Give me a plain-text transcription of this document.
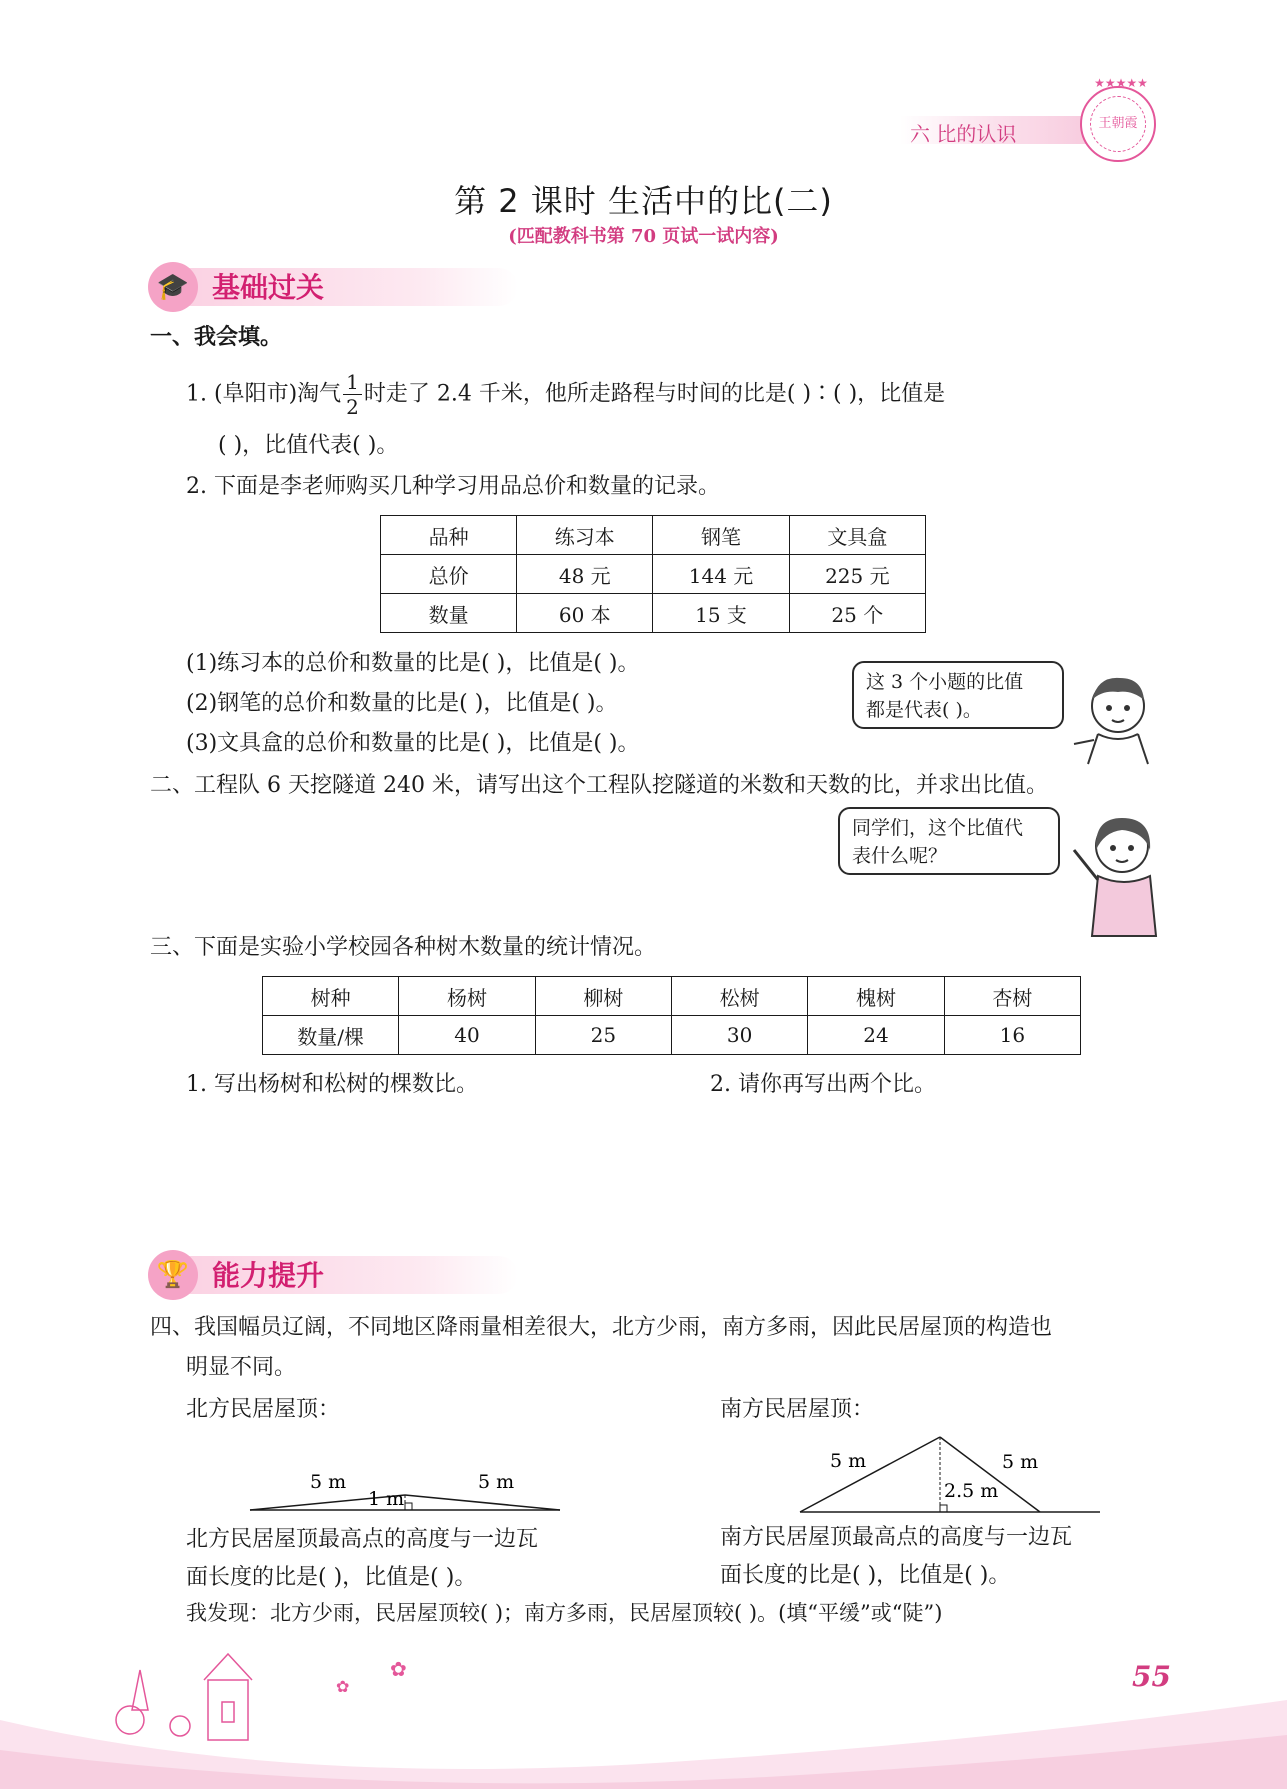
六 比的认识
★★★★★
王朝霞
第 2 课时 生活中的比(二)
(匹配教科书第 70 页试一试内容)
🎓 基础过关
一、我会填。
1. (阜阳市)淘气 $\frac{1}{2}$ 时走了 2.4 千米，他所走路程与时间的比是( )∶( )，比值是
( )，比值代表( )。
2. 下面是李老师购买几种学习用品总价和数量的记录。
品种	练习本	钢笔	文具盒
总价	48 元	144 元	225 元
数量	60 本	15 支	25 个
(1)练习本的总价和数量的比是( )，比值是( )。
(2)钢笔的总价和数量的比是( )，比值是( )。
(3)文具盒的总价和数量的比是( )，比值是( )。
这 3 个小题的比值
都是代表( )。
二、工程队 6 天挖隧道 240 米，请写出这个工程队挖隧道的米数和天数的比，并求出比值。
同学们，这个比值代
表什么呢？
三、下面是实验小学校园各种树木数量的统计情况。
树种	杨树	柳树	松树	槐树	杏树
数量/棵	40	25	30	24	16
1. 写出杨树和松树的棵数比。	2. 请你再写出两个比。
🏆 能力提升
四、我国幅员辽阔，不同地区降雨量相差很大，北方少雨，南方多雨，因此民居屋顶的构造也
明显不同。
北方民居屋顶：	南方民居屋顶：
5 m	5 m
1 m
5 m	5 m
2.5 m
北方民居屋顶最高点的高度与一边瓦
面长度的比是( )，比值是( )。
南方民居屋顶最高点的高度与一边瓦
面长度的比是( )，比值是( )。
我发现：北方少雨，民居屋顶较( )；南方多雨，民居屋顶较( )。(填“平缓”或“陡”)
✿
✿	55
